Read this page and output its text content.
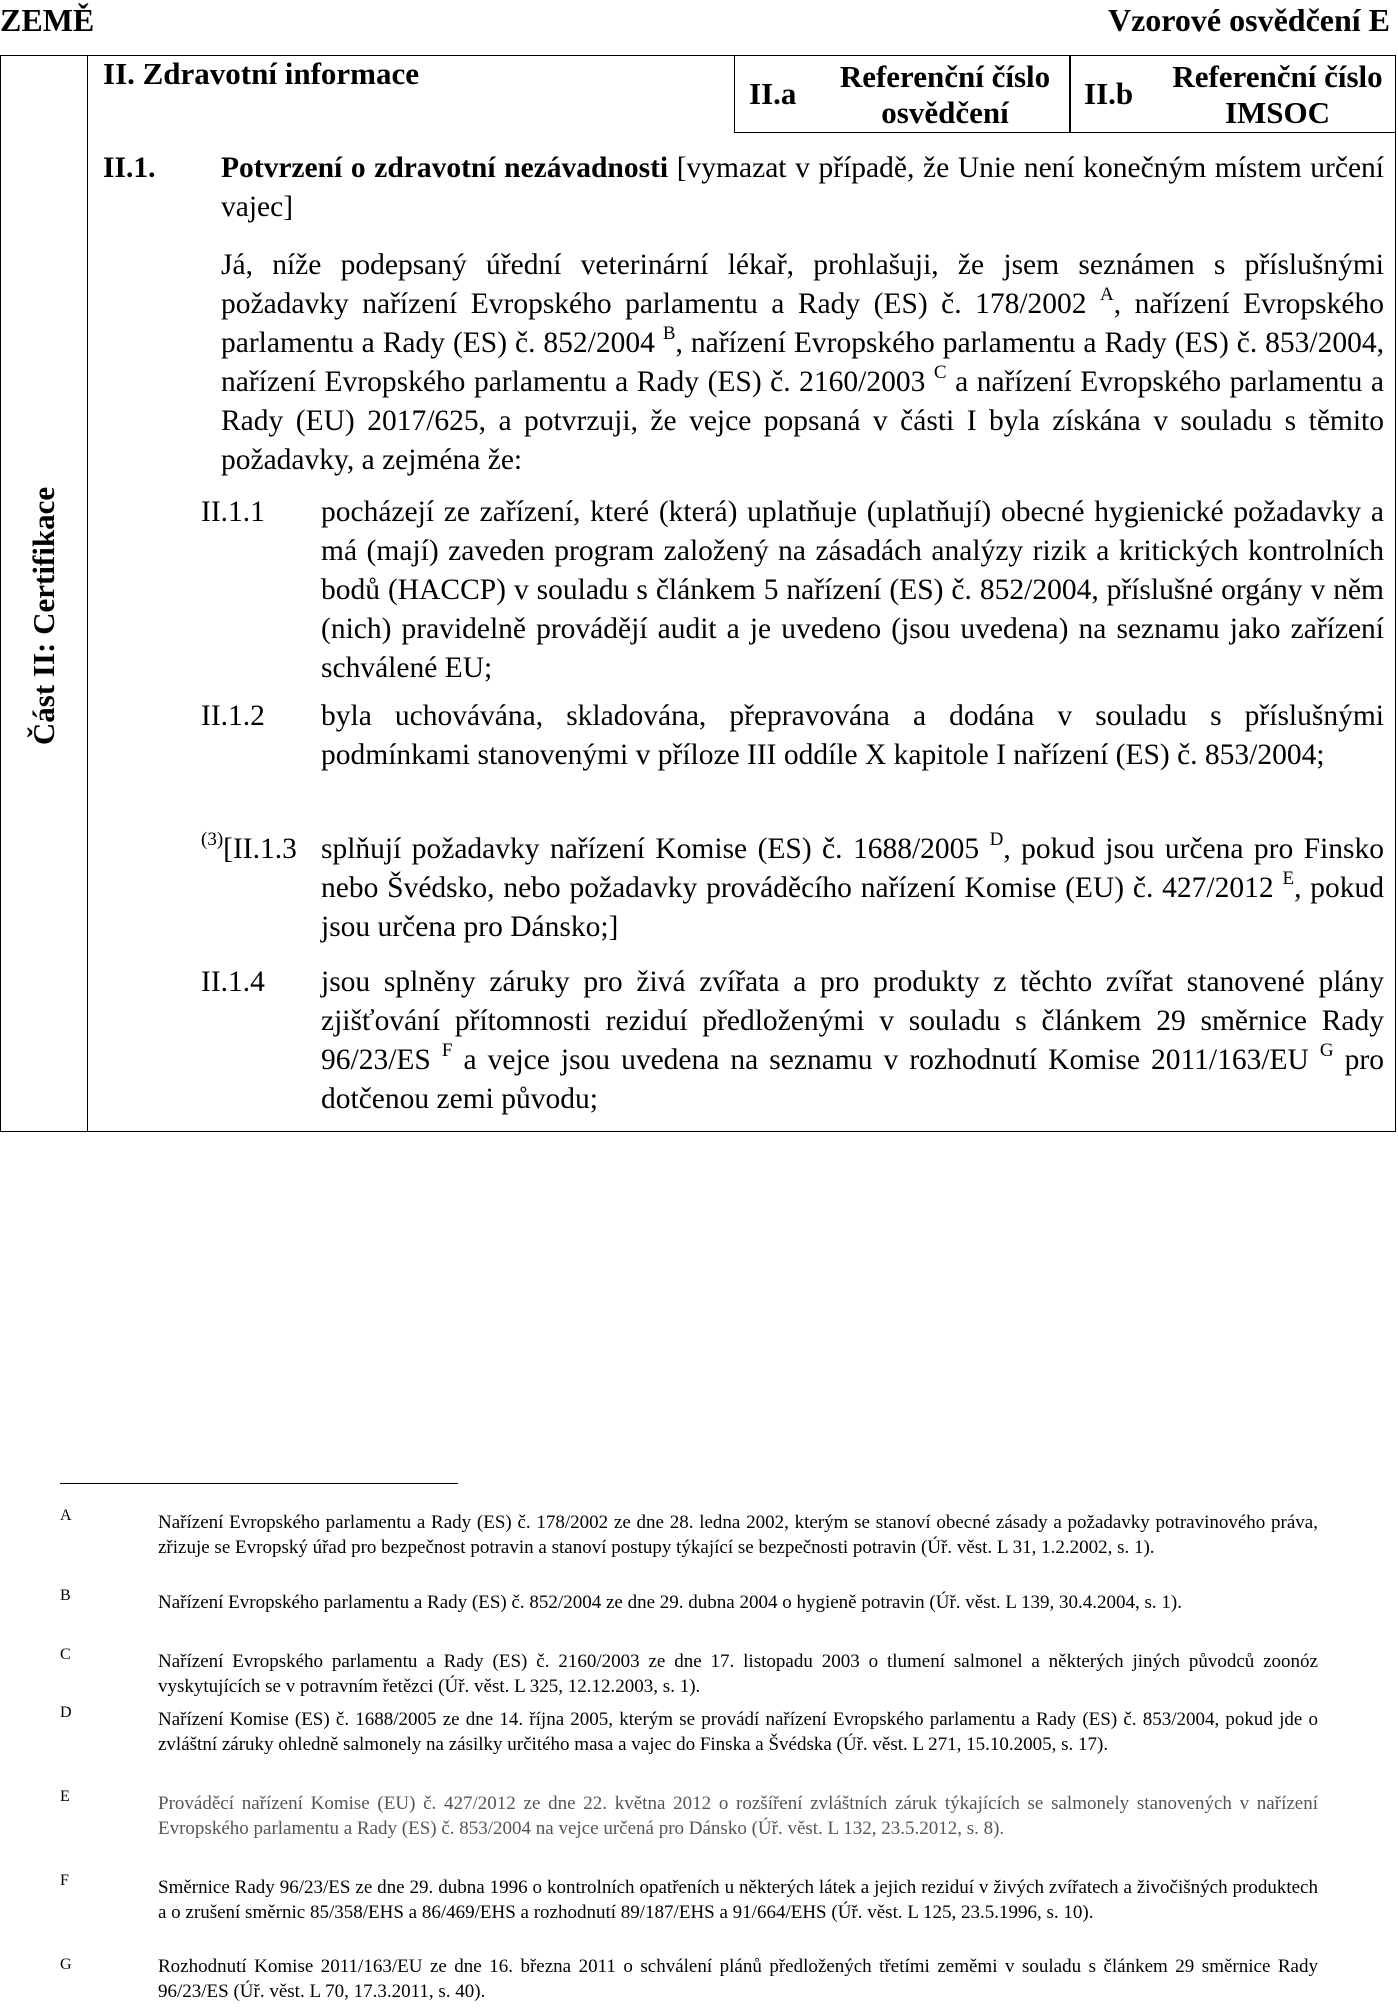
ZEMĚ	Vzorové osvědčení E
Část II: Certifikace
II. Zdravotní informace
II.a	Referenční číslo osvědčení
II.b Referenční číslo IMSOC
II.1. Potvrzení o zdravotní nezávadnosti [vymazat v případě, že Unie není konečným místem určení vajec]
Já, níže podepsaný úřední veterinární lékař, prohlašuji, že jsem seznámen s příslušnými požadavky nařízení Evropského parlamentu a Rady (ES) č. 178/2002 $^A$, nařízení Evropského parlamentu a Rady (ES) č. 852/2004 $^B$, nařízení Evropského parlamentu a Rady (ES) č. 853/2004, nařízení Evropského parlamentu a Rady (ES) č. 2160/2003 $^C$ a nařízení Evropského parlamentu a Rady (EU) 2017/625, a potvrzuji, že vejce popsaná v části I byla získána v souladu s těmito požadavky, a zejména že:
II.1.1 pocházejí ze zařízení, které (která) uplatňuje (uplatňují) obecné hygienické požadavky a má (mají) zaveden program založený na zásadách analýzy rizik a kritických kontrolních bodů (HACCP) v souladu s článkem 5 nařízení (ES) č. 852/2004, příslušné orgány v něm (nich) pravidelně provádějí audit a je uvedeno (jsou uvedena) na seznamu jako zařízení schválené EU;
II.1.2 byla uchovávána, skladována, přepravována a dodána v souladu s příslušnými podmínkami stanovenými v příloze III oddíle X kapitole I nařízení (ES) č. 853/2004;
$^{(3)}$[II.1.3 splňují požadavky nařízení Komise (ES) č. 1688/2005 $^D$, pokud jsou určena pro Finsko nebo Švédsko, nebo požadavky prováděcího nařízení Komise (EU) č. 427/2012 $^E$, pokud jsou určena pro Dánsko;]
II.1.4 jsou splněny záruky pro živá zvířata a pro produkty z těchto zvířat stanovené plány zjišťování přítomnosti reziduí předloženými v souladu s článkem 29 směrnice Rady 96/23/ES $^F$ a vejce jsou uvedena na seznamu v rozhodnutí Komise 2011/163/EU $^G$ pro dotčenou zemi původu;
A	Nařízení Evropského parlamentu a Rady (ES) č. 178/2002 ze dne 28. ledna 2002, kterým se stanoví obecné zásady a požadavky potravinového práva, zřizuje se Evropský úřad pro bezpečnost potravin a stanoví postupy týkající se bezpečnosti potravin (Úř. věst. L 31, 1.2.2002, s. 1).
B	Nařízení Evropského parlamentu a Rady (ES) č. 852/2004 ze dne 29. dubna 2004 o hygieně potravin (Úř. věst. L 139, 30.4.2004, s. 1).
C	Nařízení Evropského parlamentu a Rady (ES) č. 2160/2003 ze dne 17. listopadu 2003 o tlumení salmonel a některých jiných původců zoonóz vyskytujících se v potravním řetězci (Úř. věst. L 325, 12.12.2003, s. 1).
D	Nařízení Komise (ES) č. 1688/2005 ze dne 14. října 2005, kterým se provádí nařízení Evropského parlamentu a Rady (ES) č. 853/2004, pokud jde o zvláštní záruky ohledně salmonely na zásilky určitého masa a vajec do Finska a Švédska (Úř. věst. L 271, 15.10.2005, s. 17).
E	Prováděcí nařízení Komise (EU) č. 427/2012 ze dne 22. května 2012 o rozšíření zvláštních záruk týkajících se salmonely stanovených v nařízení Evropského parlamentu a Rady (ES) č. 853/2004 na vejce určená pro Dánsko (Úř. věst. L 132, 23.5.2012, s. 8).
F	Směrnice Rady 96/23/ES ze dne 29. dubna 1996 o kontrolních opatřeních u některých látek a jejich reziduí v živých zvířatech a živočišných produktech a o zrušení směrnic 85/358/EHS a 86/469/EHS a rozhodnutí 89/187/EHS a 91/664/EHS (Úř. věst. L 125, 23.5.1996, s. 10).
G	Rozhodnutí Komise 2011/163/EU ze dne 16. března 2011 o schválení plánů předložených třetími zeměmi v souladu s článkem 29 směrnice Rady 96/23/ES (Úř. věst. L 70, 17.3.2011, s. 40).
